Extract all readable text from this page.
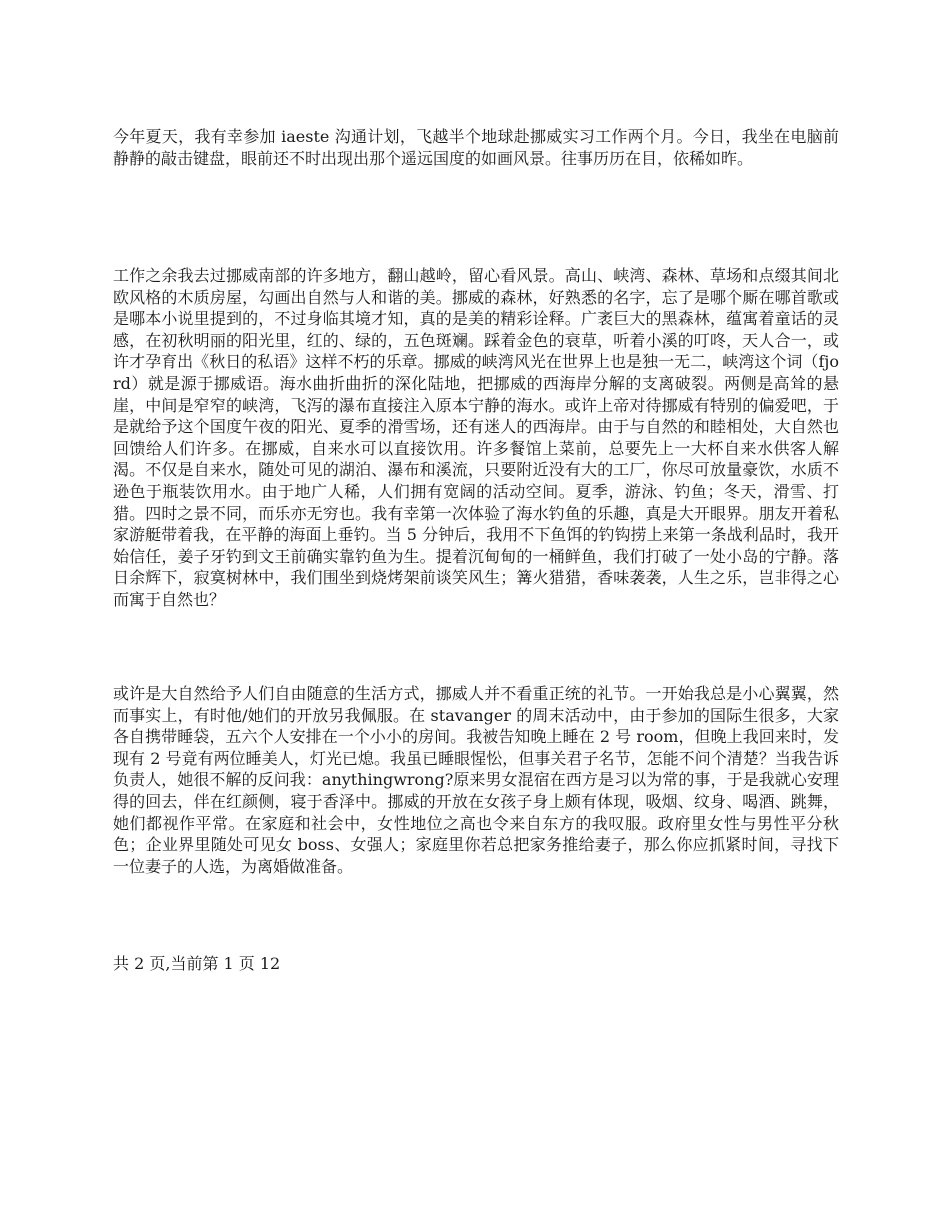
今年夏天，我有幸参加 iaeste 沟通计划，飞越半个地球赴挪威实习工作两个月。今日，我坐在电脑前静静的敲击键盘，眼前还不时出现出那个遥远国度的如画风景。往事历历在目，依稀如昨。

工作之余我去过挪威南部的许多地方，翻山越岭，留心看风景。高山、峡湾、森林、草场和点缀其间北欧风格的木质房屋，勾画出自然与人和谐的美。挪威的森林，好熟悉的名字，忘了是哪个厮在哪首歌或是哪本小说里提到的，不过身临其境才知，真的是美的精彩诠释。广袤巨大的黑森林，蕴寓着童话的灵感，在初秋明丽的阳光里，红的、绿的，五色斑斓。踩着金色的衰草，听着小溪的叮咚，天人合一，或许才孕育出《秋日的私语》这样不朽的乐章。挪威的峡湾风光在世界上也是独一无二，峡湾这个词（fjord）就是源于挪威语。海水曲折曲折的深化陆地，把挪威的西海岸分解的支离破裂。两侧是高耸的悬崖，中间是窄窄的峡湾，飞泻的瀑布直接注入原本宁静的海水。或许上帝对待挪威有特别的偏爱吧，于是就给予这个国度午夜的阳光、夏季的滑雪场，还有迷人的西海岸。由于与自然的和睦相处，大自然也回馈给人们许多。在挪威，自来水可以直接饮用。许多餐馆上菜前，总要先上一大杯自来水供客人解渴。不仅是自来水，随处可见的湖泊、瀑布和溪流，只要附近没有大的工厂，你尽可放量豪饮，水质不逊色于瓶装饮用水。由于地广人稀，人们拥有宽阔的活动空间。夏季，游泳、钓鱼；冬天，滑雪、打猎。四时之景不同，而乐亦无穷也。我有幸第一次体验了海水钓鱼的乐趣，真是大开眼界。朋友开着私家游艇带着我，在平静的海面上垂钓。当 5 分钟后，我用不下鱼饵的钓钩捞上来第一条战利品时，我开始信任，姜子牙钓到文王前确实靠钓鱼为生。提着沉甸甸的一桶鲜鱼，我们打破了一处小岛的宁静。落日余辉下，寂寞树林中，我们围坐到烧烤架前谈笑风生；篝火猎猎，香味袭袭，人生之乐，岂非得之心而寓于自然也？

或许是大自然给予人们自由随意的生活方式，挪威人并不看重正统的礼节。一开始我总是小心翼翼，然而事实上，有时他/她们的开放另我佩服。在 stavanger 的周末活动中，由于参加的国际生很多，大家各自携带睡袋，五六个人安排在一个小小的房间。我被告知晚上睡在 2 号 room，但晚上我回来时，发现有 2 号竟有两位睡美人，灯光已熄。我虽已睡眼惺忪，但事关君子名节，怎能不问个清楚？当我告诉负责人，她很不解的反问我：anythingwrong?原来男女混宿在西方是习以为常的事，于是我就心安理得的回去，伴在红颜侧，寝于香泽中。挪威的开放在女孩子身上颇有体现，吸烟、纹身、喝酒、跳舞，她们都视作平常。在家庭和社会中，女性地位之高也令来自东方的我叹服。政府里女性与男性平分秋色；企业界里随处可见女 boss、女强人；家庭里你若总把家务推给妻子，那么你应抓紧时间，寻找下一位妻子的人选，为离婚做准备。

共 2 页,当前第 1 页 12
